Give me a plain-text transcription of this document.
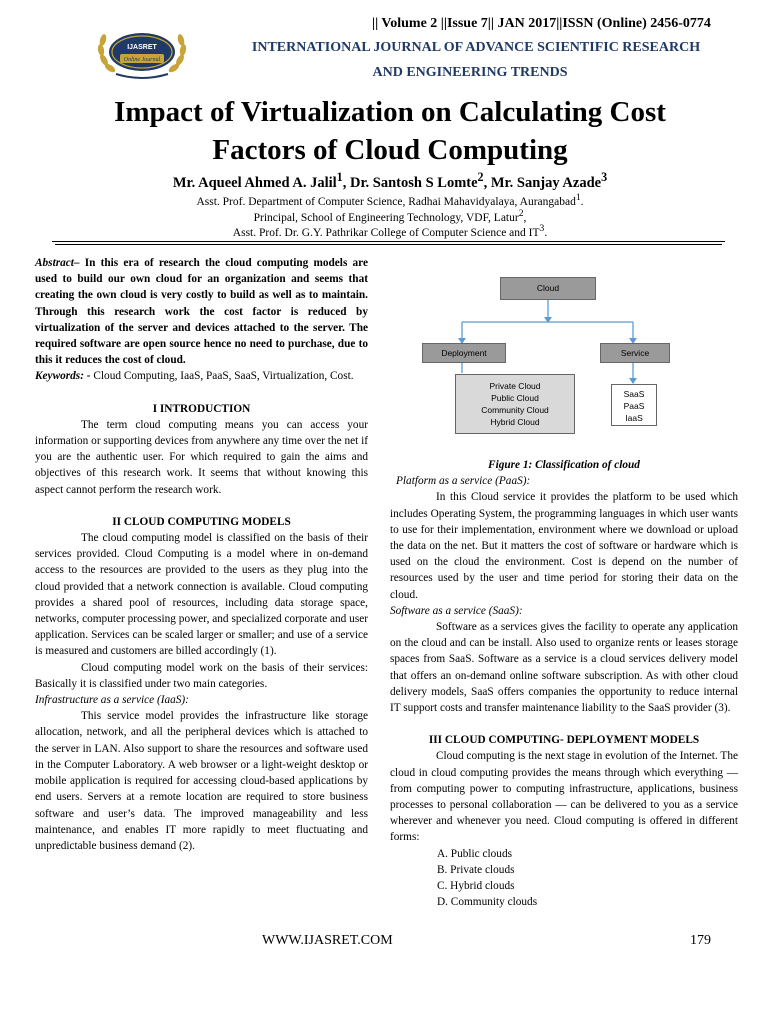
IJASRET
Online Journal
|| Volume 2 ||Issue 7|| JAN 2017||ISSN (Online) 2456-0774
INTERNATIONAL JOURNAL OF ADVANCE SCIENTIFIC RESEARCH
AND ENGINEERING TRENDS
Impact of Virtualization on Calculating Cost
Factors of Cloud Computing
Mr. Aqueel Ahmed A. Jalil$^1$, Dr. Santosh S Lomte$^2$, Mr. Sanjay Azade$^3$
Asst. Prof. Department of Computer Science, Radhai Mahavidyalaya, Aurangabad$^1$.
Principal, School of Engineering Technology, VDF, Latur$^2$,
Asst. Prof. Dr. G.Y. Pathrikar College of Computer Science and $IT^3$.

Abstract– In this era of research the cloud computing models are used to build our own cloud for an organization and seems that creating the own cloud is very costly to build as well as to maintain. Through this research work the cost factor is reduced by virtualization of the server and devices attached to the server. The required software are open source hence no need to purchase, due to this it reduces the cost of cloud.

Keywords: - Cloud Computing, IaaS, PaaS, SaaS, Virtualization, Cost.

I INTRODUCTION

The term cloud computing means you can access your information or supporting devices from anywhere any time over the net if you are the authentic user. For which required to gain the aims and objectives of this research work. It seems that without knowing this aspect cannot perform the research work.

II CLOUD COMPUTING MODELS

The cloud computing model is classified on the basis of their services provided. Cloud Computing is a model where in on-demand access to the resources are provided to the users as they plug into the cloud provided that a network connection is available. Cloud computing provides a shared pool of resources, including data storage space, networks, computer processing power, and specialized corporate and user application. Services can be scaled larger or smaller; and use of a service is measured and customers are billed accordingly (1).

Cloud computing model work on the basis of their services: Basically it is classified under two main categories.

Infrastructure as a service (IaaS):

This service model provides the infrastructure like storage allocation, network, and all the peripheral devices which is attached to the server in LAN. Also support to share the resources and software used in the Computer Laboratory. A web browser or a light-weight desktop or mobile application is required for accessing cloud-based applications by end users. Servers at a remote location are required to store business software and user’s data. The improved manageability and less maintenance, and enables IT more rapidly to meet fluctuating and unpredictable business demand (2).

Cloud
Deployment	Service
Private Cloud
Public Cloud
Community Cloud
Hybrid Cloud
SaaS
PaaS
IaaS

Figure 1: Classification of cloud

Platform as a service (PaaS):

In this Cloud service it provides the platform to be used which includes Operating System, the programming languages in which user wants to use for their implementation, environment where we download or upload the data on the net. But it matters the cost of software or hardware which is used on the cloud the environment. Cost is depend on the number of resources used by the user and time period for storing their data on the cloud.

Software as a service (SaaS):

Software as a services gives the facility to operate any application on the cloud and can be install. Also used to organize rents or leases storage spaces from SaaS. Software as a service is a cloud services delivery model that offers an on-demand online software subscription. As with other cloud delivery models, SaaS offers companies the opportunity to reduce internal IT support costs and transfer maintenance liability to the SaaS provider (3).

III CLOUD COMPUTING- DEPLOYMENT MODELS

Cloud computing is the next stage in evolution of the Internet. The cloud in cloud computing provides the means through which everything — from computing power to computing infrastructure, applications, business processes to personal collaboration — can be delivered to you as a service wherever and whenever you need. Cloud computing is offered in different forms:

A. Public clouds

B. Private clouds

C. Hybrid clouds

D. Community clouds

WWW.IJASRET.COM	179
